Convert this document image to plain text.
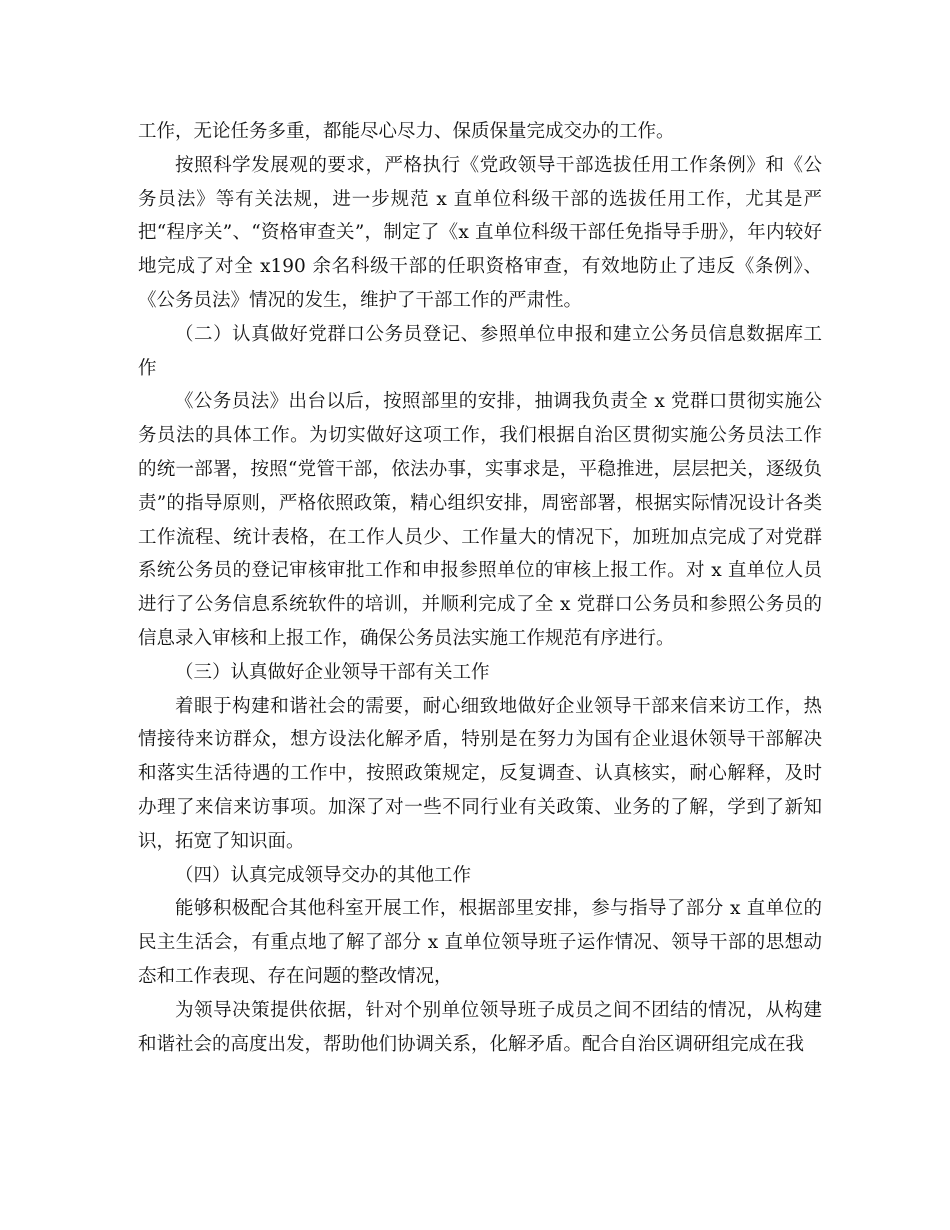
工作，无论任务多重，都能尽心尽力、保质保量完成交办的工作。

按照科学发展观的要求，严格执行《党政领导干部选拔任用工作条例》和《公务员法》等有关法规，进一步规范 x 直单位科级干部的选拔任用工作，尤其是严把“程序关”、“资格审查关”，制定了《x 直单位科级干部任免指导手册》，年内较好地完成了对全 x190 余名科级干部的任职资格审查，有效地防止了违反《条例》、《公务员法》情况的发生，维护了干部工作的严肃性。

（二）认真做好党群口公务员登记、参照单位申报和建立公务员信息数据库工作

《公务员法》出台以后，按照部里的安排，抽调我负责全 x 党群口贯彻实施公务员法的具体工作。为切实做好这项工作，我们根据自治区贯彻实施公务员法工作的统一部署，按照“党管干部，依法办事，实事求是，平稳推进，层层把关，逐级负责”的指导原则，严格依照政策，精心组织安排，周密部署，根据实际情况设计各类工作流程、统计表格，在工作人员少、工作量大的情况下，加班加点完成了对党群系统公务员的登记审核审批工作和申报参照单位的审核上报工作。对 x 直单位人员进行了公务信息系统软件的培训，并顺利完成了全 x 党群口公务员和参照公务员的信息录入审核和上报工作，确保公务员法实施工作规范有序进行。

（三）认真做好企业领导干部有关工作

着眼于构建和谐社会的需要，耐心细致地做好企业领导干部来信来访工作，热情接待来访群众，想方设法化解矛盾，特别是在努力为国有企业退休领导干部解决和落实生活待遇的工作中，按照政策规定，反复调查、认真核实，耐心解释，及时办理了来信来访事项。加深了对一些不同行业有关政策、业务的了解，学到了新知识，拓宽了知识面。

（四）认真完成领导交办的其他工作

能够积极配合其他科室开展工作，根据部里安排，参与指导了部分 x 直单位的民主生活会，有重点地了解了部分 x 直单位领导班子运作情况、领导干部的思想动态和工作表现、存在问题的整改情况，

为领导决策提供依据，针对个别单位领导班子成员之间不团结的情况，从构建和谐社会的高度出发，帮助他们协调关系，化解矛盾。配合自治区调研组完成在我
